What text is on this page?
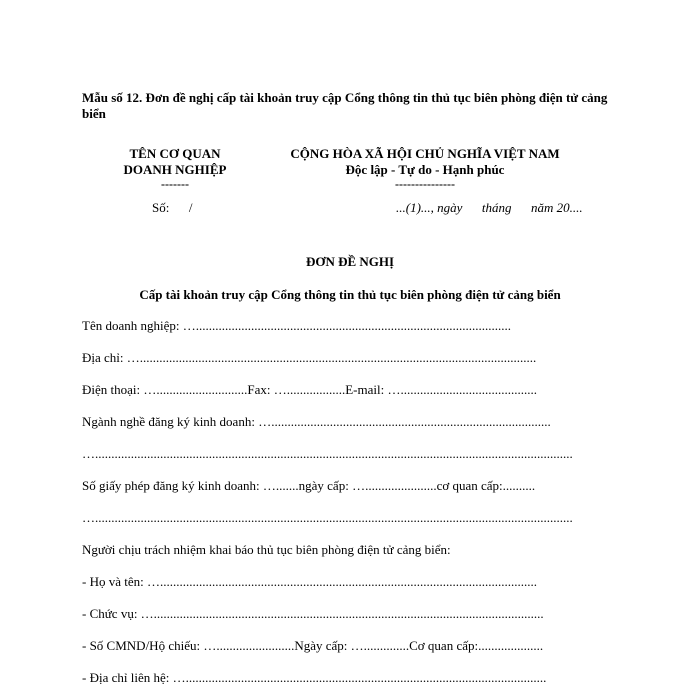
Mẫu số 12. Đơn đề nghị cấp tài khoản truy cập Cổng thông tin thủ tục biên phòng điện tử cảng biển

TÊN CƠ QUAN
DOANH NGHIỆP
-------
CỘNG HÒA XÃ HỘI CHỦ NGHĨA VIỆT NAM
Độc lập - Tự do - Hạnh phúc
---------------
Số:      /	...(1)..., ngày      tháng      năm 20....
ĐƠN ĐỀ NGHỊ
Cấp tài khoản truy cập Cổng thông tin thủ tục biên phòng điện tử cảng biển
Tên doanh nghiệp: ….................................................................................................
Địa chỉ: …..........................................................................................................................
Điện thoại: …............................Fax: …..................E-mail: …..........................................
Ngành nghề đăng ký kinh doanh: …......................................................................................
…...................................................................................................................................................
Số giấy phép đăng ký kinh doanh: ….......ngày cấp: …......................cơ quan cấp:..........
…...................................................................................................................................................
Người chịu trách nhiệm khai báo thủ tục biên phòng điện tử cảng biển:
- Họ và tên: …....................................................................................................................
- Chức vụ: …........................................................................................................................
- Số CMND/Hộ chiếu: …........................Ngày cấp: …..............Cơ quan cấp:....................
- Địa chỉ liên hệ: …...............................................................................................................
